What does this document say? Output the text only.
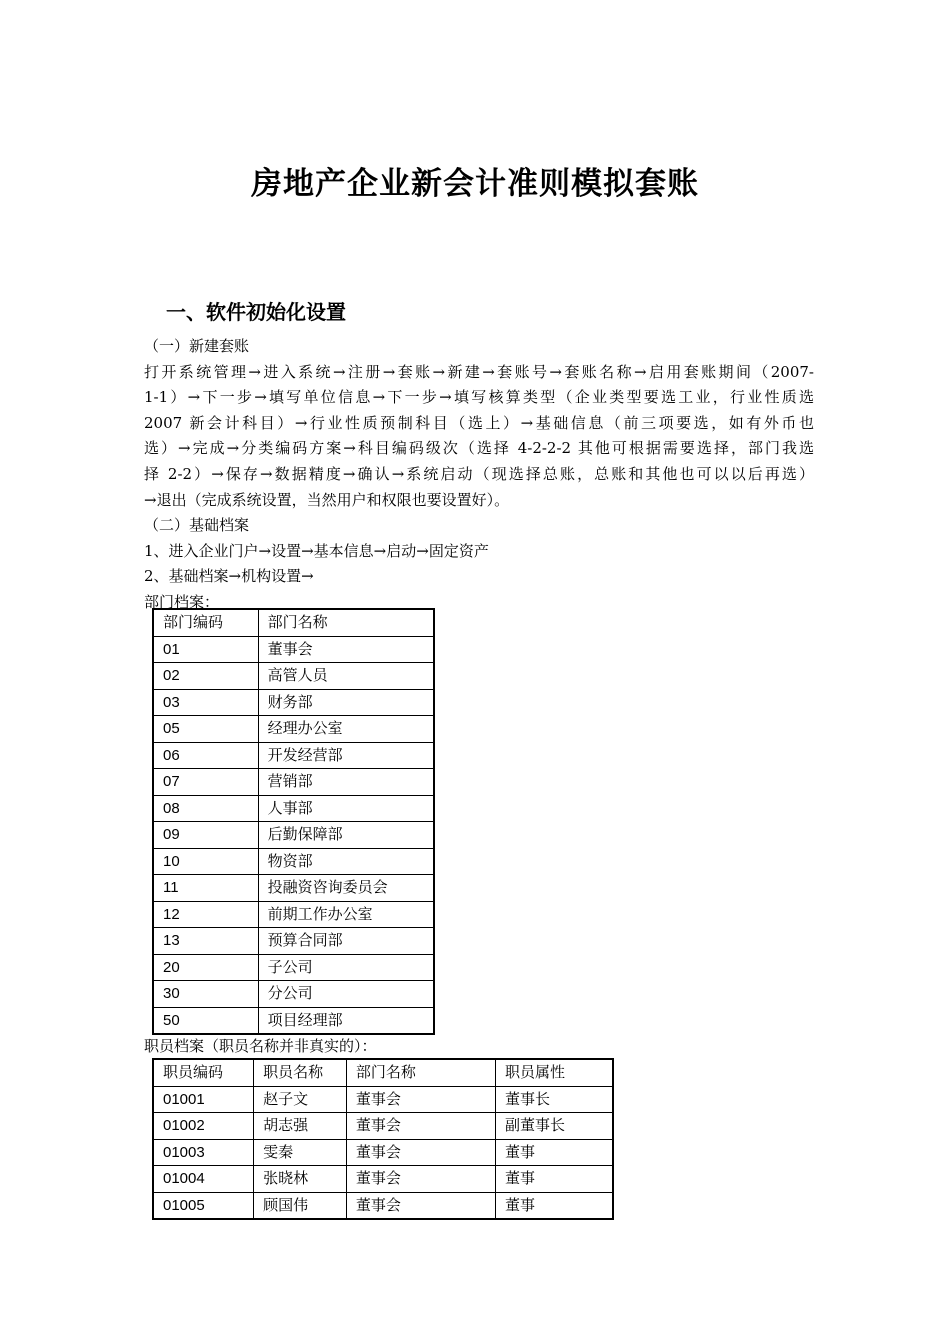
房地产企业新会计准则模拟套账
一、软件初始化设置
（一）新建套账
打开系统管理→进入系统→注册→套账→新建→套账号→套账名称→启用套账期间（2007-
1-1）→下一步→填写单位信息→下一步→填写核算类型（企业类型要选工业，行业性质选
2007 新会计科目）→行业性质预制科目（选上）→基础信息（前三项要选，如有外币也
选）→完成→分类编码方案→科目编码级次（选择 4-2-2-2 其他可根据需要选择，部门我选
择 2-2）→保存→数据精度→确认→系统启动（现选择总账，总账和其他也可以以后再选）
→退出（完成系统设置，当然用户和权限也要设置好）。
（二）基础档案
1、进入企业门户→设置→基本信息→启动→固定资产
2、基础档案→机构设置→
部门档案：
部门编码	部门名称
01	董事会
02	高管人员
03	财务部
05	经理办公室
06	开发经营部
07	营销部
08	人事部
09	后勤保障部
10	物资部
11	投融资咨询委员会
12	前期工作办公室
13	预算合同部
20	子公司
30	分公司
50	项目经理部
职员档案（职员名称并非真实的）：
职员编码	职员名称	部门名称	职员属性
01001	赵子文	董事会	董事长
01002	胡志强	董事会	副董事长
01003	雯秦	董事会	董事
01004	张晓林	董事会	董事
01005	顾国伟	董事会	董事
